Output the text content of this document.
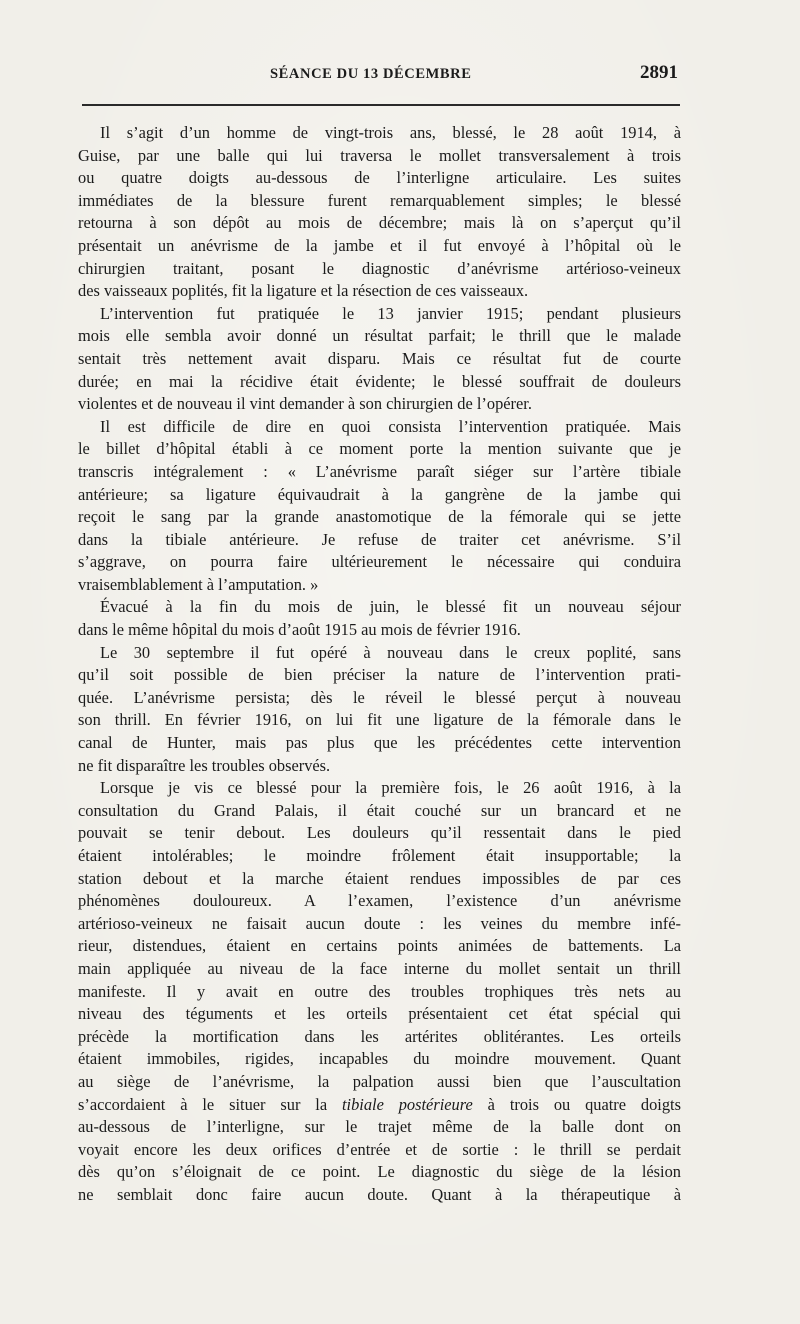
SÉANCE DU 13 DÉCEMBRE	2891
Il s’agit d’un homme de vingt-trois ans, blessé, le 28 août 1914, à
Guise, par une balle qui lui traversa le mollet transversalement à trois
ou quatre doigts au-dessous de l’interligne articulaire. Les suites
immédiates de la blessure furent remarquablement simples; le blessé
retourna à son dépôt au mois de décembre; mais là on s’aperçut qu’il
présentait un anévrisme de la jambe et il fut envoyé à l’hôpital où le
chirurgien traitant, posant le diagnostic d’anévrisme artérioso-veineux
des vaisseaux poplités, fit la ligature et la résection de ces vaisseaux.
L’intervention fut pratiquée le 13 janvier 1915; pendant plusieurs
mois elle sembla avoir donné un résultat parfait; le thrill que le malade
sentait très nettement avait disparu. Mais ce résultat fut de courte
durée; en mai la récidive était évidente; le blessé souffrait de douleurs
violentes et de nouveau il vint demander à son chirurgien de l’opérer.
Il est difficile de dire en quoi consista l’intervention pratiquée. Mais
le billet d’hôpital établi à ce moment porte la mention suivante que je
transcris intégralement : « L’anévrisme paraît siéger sur l’artère tibiale
antérieure; sa ligature équivaudrait à la gangrène de la jambe qui
reçoit le sang par la grande anastomotique de la fémorale qui se jette
dans la tibiale antérieure. Je refuse de traiter cet anévrisme. S’il
s’aggrave, on pourra faire ultérieurement le nécessaire qui conduira
vraisemblablement à l’amputation. »
Évacué à la fin du mois de juin, le blessé fit un nouveau séjour
dans le même hôpital du mois d’août 1915 au mois de février 1916.
Le 30 septembre il fut opéré à nouveau dans le creux poplité, sans
qu’il soit possible de bien préciser la nature de l’intervention prati-
quée. L’anévrisme persista; dès le réveil le blessé perçut à nouveau
son thrill. En février 1916, on lui fit une ligature de la fémorale dans le
canal de Hunter, mais pas plus que les précédentes cette intervention
ne fit disparaître les troubles observés.
Lorsque je vis ce blessé pour la première fois, le 26 août 1916, à la
consultation du Grand Palais, il était couché sur un brancard et ne
pouvait se tenir debout. Les douleurs qu’il ressentait dans le pied
étaient intolérables; le moindre frôlement était insupportable; la
station debout et la marche étaient rendues impossibles de par ces
phénomènes douloureux. A l’examen, l’existence d’un anévrisme
artérioso-veineux ne faisait aucun doute : les veines du membre infé-
rieur, distendues, étaient en certains points animées de battements. La
main appliquée au niveau de la face interne du mollet sentait un thrill
manifeste. Il y avait en outre des troubles trophiques très nets au
niveau des téguments et les orteils présentaient cet état spécial qui
précède la mortification dans les artérites oblitérantes. Les orteils
étaient immobiles, rigides, incapables du moindre mouvement. Quant
au siège de l’anévrisme, la palpation aussi bien que l’auscultation
s’accordaient à le situer sur la tibiale postérieure à trois ou quatre doigts
au-dessous de l’interligne, sur le trajet même de la balle dont on
voyait encore les deux orifices d’entrée et de sortie : le thrill se perdait
dès qu’on s’éloignait de ce point. Le diagnostic du siège de la lésion
ne semblait donc faire aucun doute. Quant à la thérapeutique à
